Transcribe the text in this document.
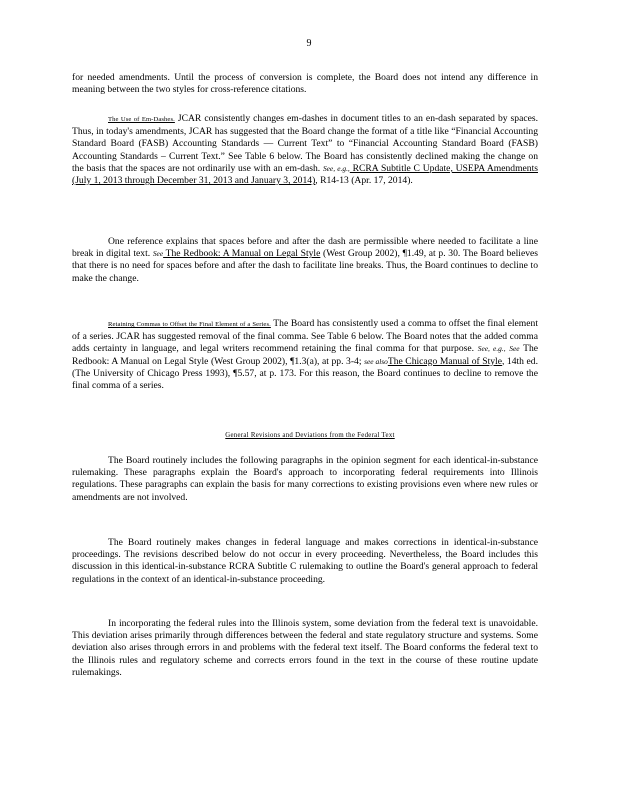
9

for needed amendments. Until the process of conversion is complete, the Board does not intend any difference in meaning between the two styles for cross-reference citations.

The Use of Em-Dashes. JCAR consistently changes em-dashes in document titles to an en-dash separated by spaces. Thus, in today's amendments, JCAR has suggested that the Board change the format of a title like “Financial Accounting Standard Board (FASB) Accounting Standards — Current Text” to “Financial Accounting Standard Board (FASB) Accounting Standards – Current Text.” See Table 6 below. The Board has consistently declined making the change on the basis that the spaces are not ordinarily use with an em-dash. See, e.g., RCRA Subtitle C Update, USEPA Amendments (July 1, 2013 through December 31, 2013 and January 3, 2014), R14-13 (Apr. 17, 2014).

One reference explains that spaces before and after the dash are permissible where needed to facilitate a line break in digital text. See The Redbook: A Manual on Legal Style (West Group 2002), ¶1.49, at p. 30. The Board believes that there is no need for spaces before and after the dash to facilitate line breaks. Thus, the Board continues to decline to make the change.

Retaining Commas to Offset the Final Element of a Series. The Board has consistently used a comma to offset the final element of a series. JCAR has suggested removal of the final comma. See Table 6 below. The Board notes that the added comma adds certainty in language, and legal writers recommend retaining the final comma for that purpose. See, e.g., See The Redbook: A Manual on Legal Style (West Group 2002), ¶1.3(a), at pp. 3-4; see alsoThe Chicago Manual of Style, 14th ed. (The University of Chicago Press 1993), ¶5.57, at p. 173. For this reason, the Board continues to decline to remove the final comma of a series.

General Revisions and Deviations from the Federal Text

The Board routinely includes the following paragraphs in the opinion segment for each identical-in-substance rulemaking. These paragraphs explain the Board's approach to incorporating federal requirements into Illinois regulations. These paragraphs can explain the basis for many corrections to existing provisions even where new rules or amendments are not involved.

The Board routinely makes changes in federal language and makes corrections in identical-in-substance proceedings. The revisions described below do not occur in every proceeding. Nevertheless, the Board includes this discussion in this identical-in-substance RCRA Subtitle C rulemaking to outline the Board's general approach to federal regulations in the context of an identical-in-substance proceeding.

In incorporating the federal rules into the Illinois system, some deviation from the federal text is unavoidable. This deviation arises primarily through differences between the federal and state regulatory structure and systems. Some deviation also arises through errors in and problems with the federal text itself. The Board conforms the federal text to the Illinois rules and regulatory scheme and corrects errors found in the text in the course of these routine update rulemakings.
